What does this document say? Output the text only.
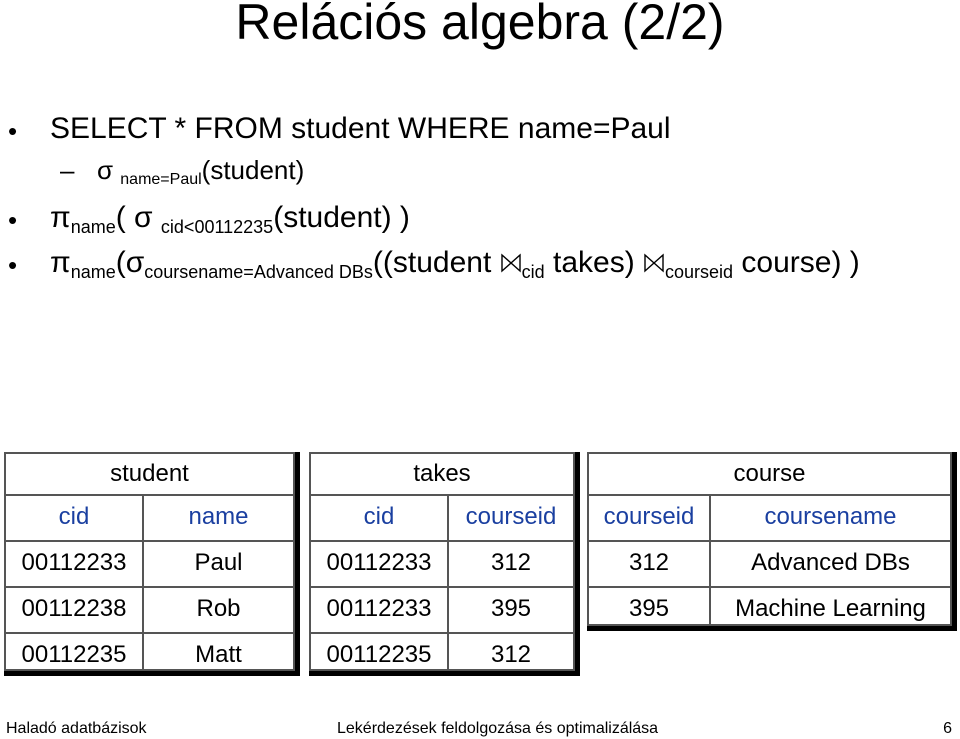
Relációs algebra (2/2)
• SELECT * FROM student WHERE name=Paul
– σ $_{name=Paul}$(student)
• $\pi_{name}$( σ $_{cid<00112235}$(student) )
• $\pi_{name}(\sigma_{coursename=Advanced DBs}((student$ $_{cid}$ takes) $_{courseid}$ course) )
student
cid	name
00112233	Paul
00112238	Rob
00112235	Matt
takes
cid	courseid
00112233	312
00112233	395
00112235	312
course
courseid	coursename
312	Advanced DBs
395	Machine Learning
Haladó adatbázisok	Lekérdezések feldolgozása és optimalizálása	6
